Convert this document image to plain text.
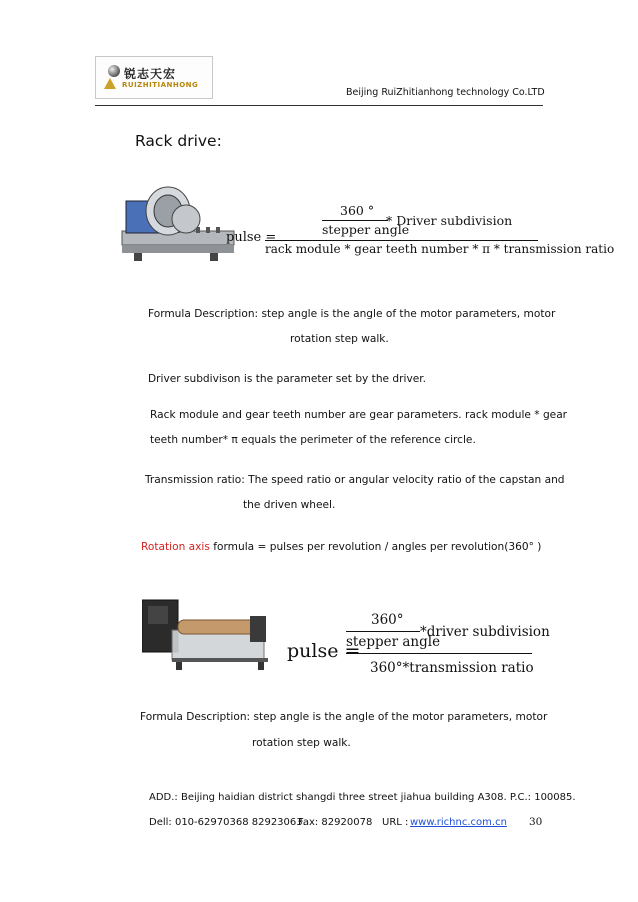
锐志天宏
RUIZHITIANHONG
Beijing RuiZhitianhong technology Co.LTD
Rack drive:
pulse =
360 °
stepper angle
* Driver subdivision
rack module * gear teeth number * π * transmission ratio
Formula Description: step angle is the angle of the motor parameters, motor
rotation step walk.
Driver subdivison is the parameter set by the driver.
Rack module and gear teeth number are gear parameters. rack module * gear
teeth number* π equals the perimeter of the reference circle.
Transmission ratio: The speed ratio or angular velocity ratio of the capstan and
the driven wheel.
Rotation axis formula = pulses per revolution / angles per revolution(360° )
pulse =
360°
stepper angle
*driver subdivision
360°*transmission ratio
Formula Description: step angle is the angle of the motor parameters, motor
rotation step walk.
ADD.: Beijing haidian district shangdi three street jiahua building A308. P.C.: 100085.
Dell: 010-62970368 82923063.
Fax: 82920078 URL : www.richnc.com.cn 30
